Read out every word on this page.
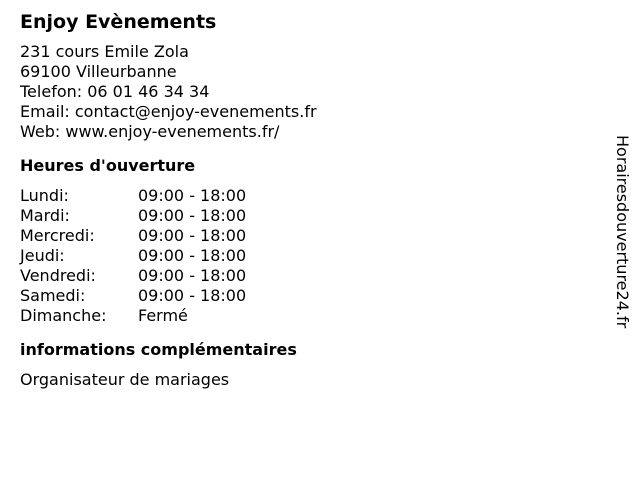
Enjoy Evènements
231 cours Emile Zola
69100 Villeurbanne
Telefon: 06 01 46 34 34
Email: contact@enjoy-evenements.fr
Web: www.enjoy-evenements.fr/
Heures d'ouverture
Lundi:	09:00 - 18:00
Mardi:	09:00 - 18:00
Mercredi:	09:00 - 18:00
Jeudi:	09:00 - 18:00
Vendredi:	09:00 - 18:00
Samedi:	09:00 - 18:00
Dimanche:	Fermé
informations complémentaires
Organisateur de mariages
Horairesdouverture24.fr
